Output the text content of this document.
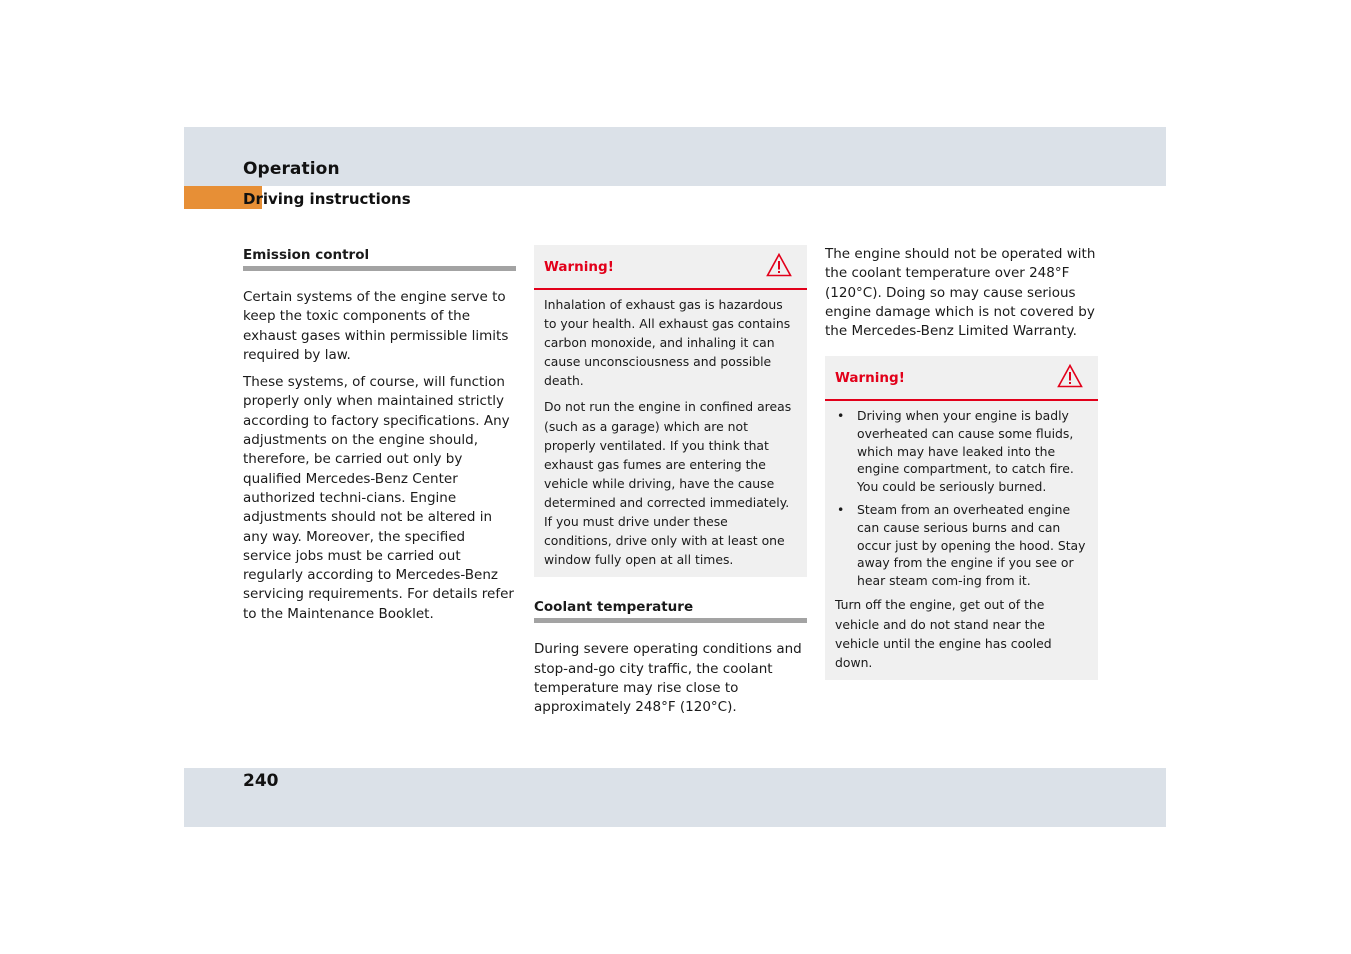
Operation
Driving instructions
Emission control

Certain systems of the engine serve to keep the toxic components of the exhaust gases within permissible limits required by law.

These systems, of course, will function properly only when maintained strictly according to factory specifications. Any adjustments on the engine should, therefore, be carried out only by qualified Mercedes-Benz Center authorized techni-cians. Engine adjustments should not be altered in any way. Moreover, the specified service jobs must be carried out regularly according to Mercedes-Benz servicing requirements. For details refer to the Maintenance Booklet.

Warning!

Inhalation of exhaust gas is hazardous to your health. All exhaust gas contains carbon monoxide, and inhaling it can cause unconsciousness and possible death.

Do not run the engine in confined areas (such as a garage) which are not properly ventilated. If you think that exhaust gas fumes are entering the vehicle while driving, have the cause determined and corrected immediately. If you must drive under these conditions, drive only with at least one window fully open at all times.

Coolant temperature

During severe operating conditions and stop-and-go city traffic, the coolant temperature may rise close to approximately 248°F (120°C).

The engine should not be operated with the coolant temperature over 248°F (120°C). Doing so may cause serious engine damage which is not covered by the Mercedes-Benz Limited Warranty.

Warning!
• Driving when your engine is badly overheated can cause some fluids, which may have leaked into the engine compartment, to catch fire. You could be seriously burned.
• Steam from an overheated engine can cause serious burns and can occur just by opening the hood. Stay away from the engine if you see or hear steam com-ing from it.

Turn off the engine, get out of the vehicle and do not stand near the vehicle until the engine has cooled down.

240
